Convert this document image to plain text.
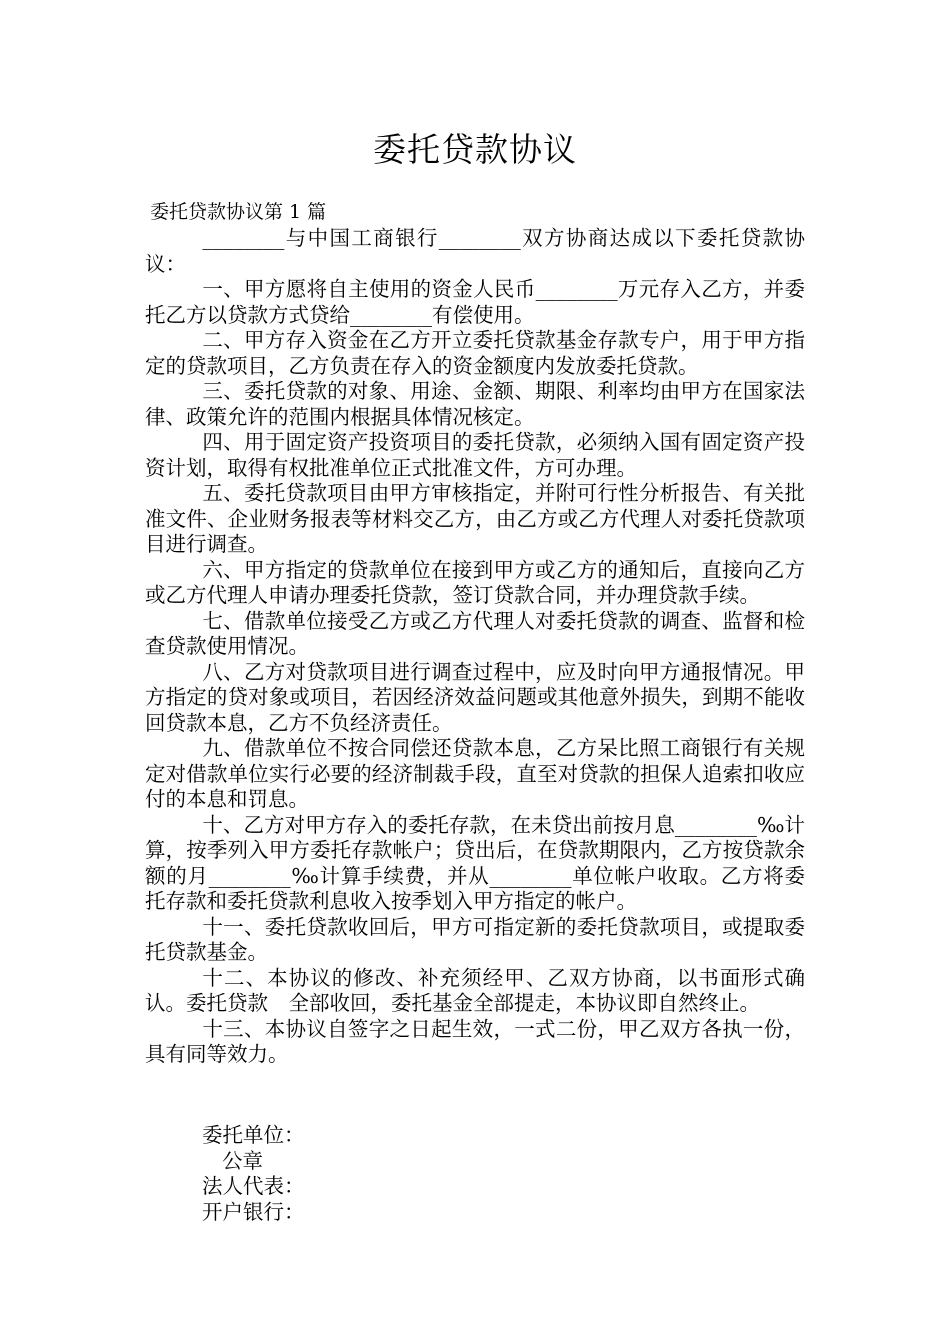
委托贷款协议
委托贷款协议第 1 篇

________与中国工商银行________双方协商达成以下委托贷款协议：

一、甲方愿将自主使用的资金人民币________万元存入乙方，并委托乙方以贷款方式贷给________有偿使用。

二、甲方存入资金在乙方开立委托贷款基金存款专户，用于甲方指定的贷款项目，乙方负责在存入的资金额度内发放委托贷款。

三、委托贷款的对象、用途、金额、期限、利率均由甲方在国家法律、政策允许的范围内根据具体情况核定。

四、用于固定资产投资项目的委托贷款，必须纳入国有固定资产投资计划，取得有权批准单位正式批准文件，方可办理。

五、委托贷款项目由甲方审核指定，并附可行性分析报告、有关批准文件、企业财务报表等材料交乙方，由乙方或乙方代理人对委托贷款项目进行调查。

六、甲方指定的贷款单位在接到甲方或乙方的通知后，直接向乙方或乙方代理人申请办理委托贷款，签订贷款合同，并办理贷款手续。

七、借款单位接受乙方或乙方代理人对委托贷款的调查、监督和检查贷款使用情况。

八、乙方对贷款项目进行调查过程中，应及时向甲方通报情况。甲方指定的贷对象或项目，若因经济效益问题或其他意外损失，到期不能收回贷款本息，乙方不负经济责任。

九、借款单位不按合同偿还贷款本息，乙方呆比照工商银行有关规定对借款单位实行必要的经济制裁手段，直至对贷款的担保人追索扣收应付的本息和罚息。

十、乙方对甲方存入的委托存款，在未贷出前按月息________‰计算，按季列入甲方委托存款帐户；贷出后，在贷款期限内，乙方按贷款余额的月________‰计算手续费，并从________单位帐户收取。乙方将委托存款和委托贷款利息收入按季划入甲方指定的帐户。

十一、委托贷款收回后，甲方可指定新的委托贷款项目，或提取委托贷款基金。

十二、本协议的修改、补充须经甲、乙双方协商，以书面形式确认。委托贷款　全部收回，委托基金全部提走，本协议即自然终止。

十三、本协议自签字之日起生效，一式二份，甲乙双方各执一份，具有同等效力。

委托单位：
公章
法人代表：
开户银行：
